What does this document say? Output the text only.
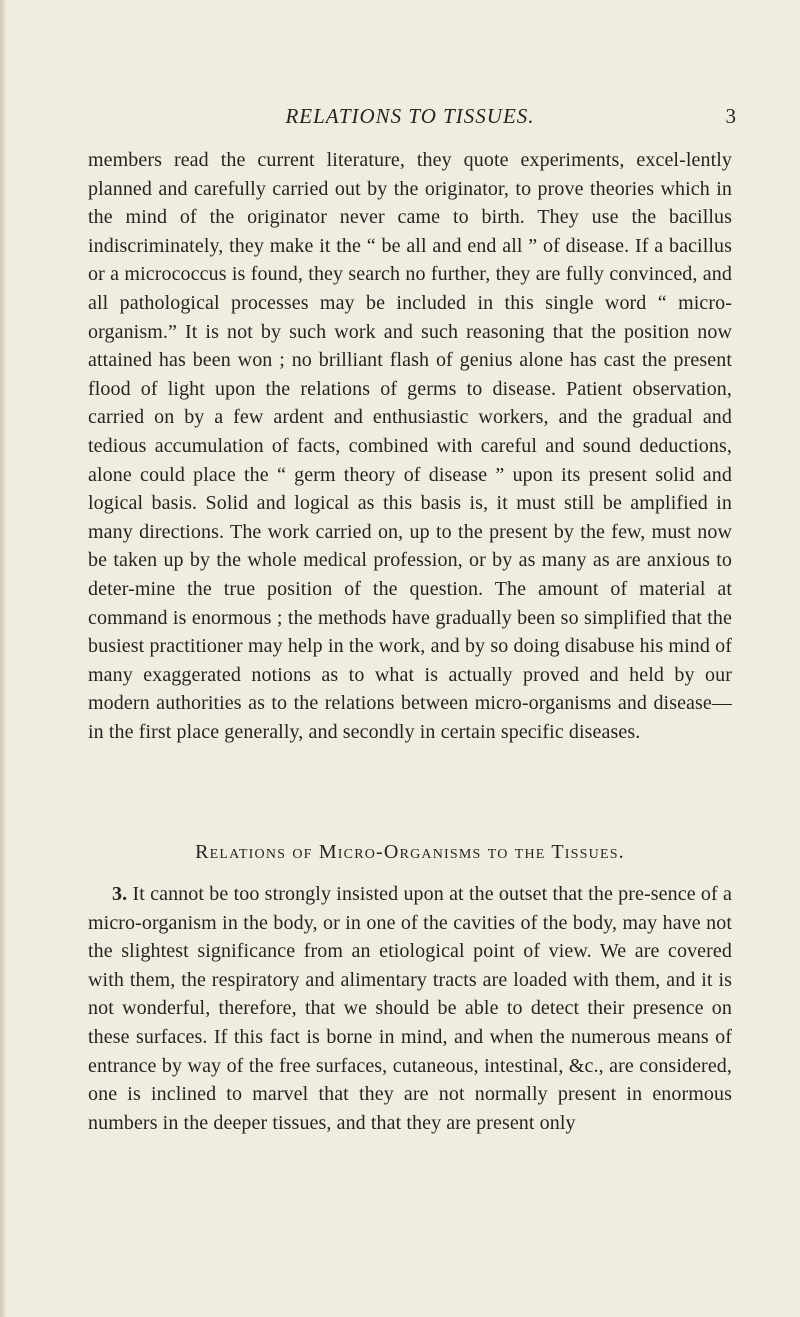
RELATIONS TO TISSUES.	3

members read the current literature, they quote experiments, excel-lently planned and carefully carried out by the originator, to prove theories which in the mind of the originator never came to birth. They use the bacillus indiscriminately, they make it the “ be all and end all ” of disease. If a bacillus or a micrococcus is found, they search no further, they are fully convinced, and all pathological processes may be included in this single word “ micro-organism.” It is not by such work and such reasoning that the position now attained has been won ; no brilliant flash of genius alone has cast the present flood of light upon the relations of germs to disease. Patient observation, carried on by a few ardent and enthusiastic workers, and the gradual and tedious accumulation of facts, combined with careful and sound deductions, alone could place the “ germ theory of disease ” upon its present solid and logical basis. Solid and logical as this basis is, it must still be amplified in many directions. The work carried on, up to the present by the few, must now be taken up by the whole medical profession, or by as many as are anxious to deter-mine the true position of the question. The amount of material at command is enormous ; the methods have gradually been so simplified that the busiest practitioner may help in the work, and by so doing disabuse his mind of many exaggerated notions as to what is actually proved and held by our modern authorities as to the relations between micro-organisms and disease—in the first place generally, and secondly in certain specific diseases.

Relations of Micro-Organisms to the Tissues.

3. It cannot be too strongly insisted upon at the outset that the pre-sence of a micro-organism in the body, or in one of the cavities of the body, may have not the slightest significance from an etiological point of view. We are covered with them, the respiratory and alimentary tracts are loaded with them, and it is not wonderful, therefore, that we should be able to detect their presence on these surfaces. If this fact is borne in mind, and when the numerous means of entrance by way of the free surfaces, cutaneous, intestinal, &c., are considered, one is inclined to marvel that they are not normally present in enormous numbers in the deeper tissues, and that they are present only
